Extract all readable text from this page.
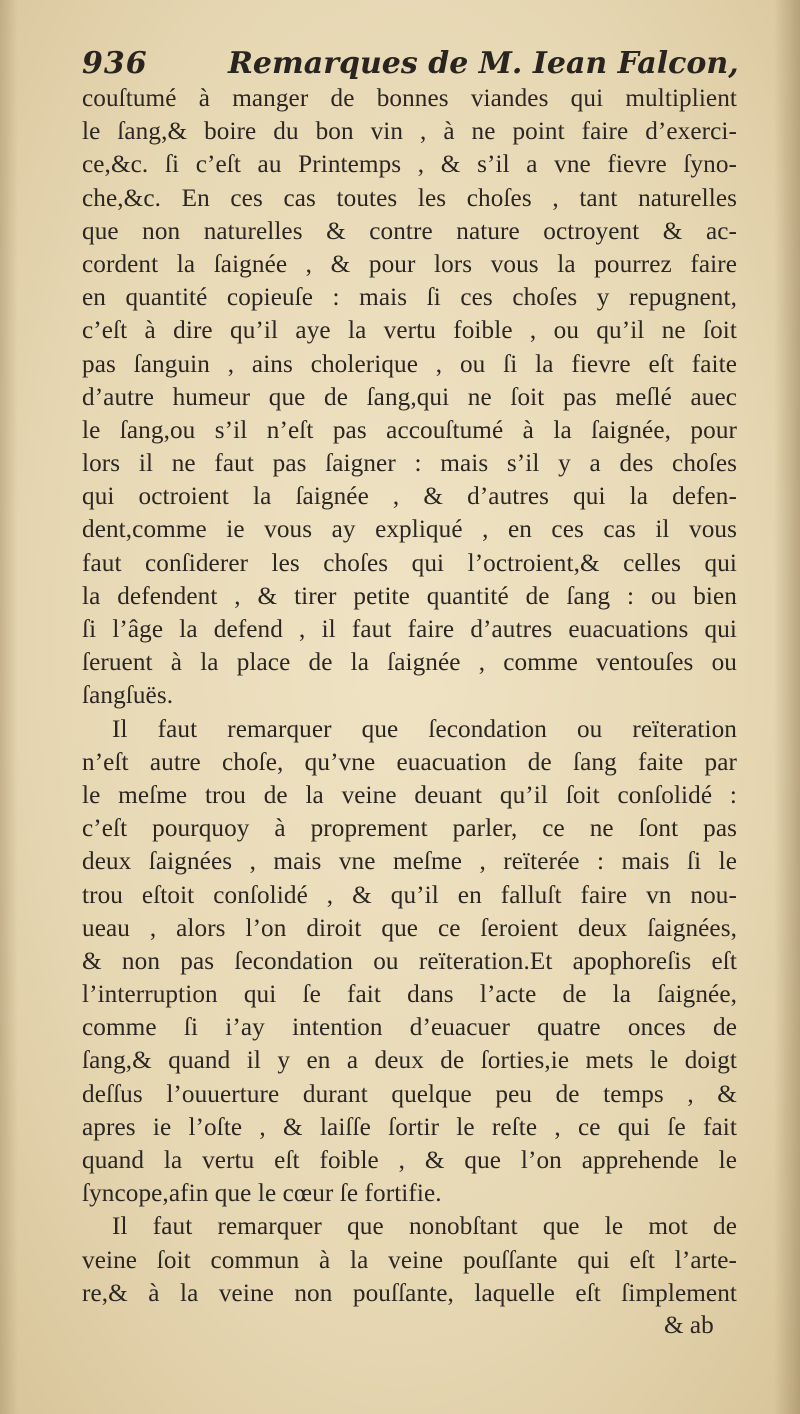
936	Remarques de M. Iean Falcon,
couſtumé à manger de bonnes viandes qui multiplient
le ſang,& boire du bon vin , à ne point faire d’exerci-
ce,&c. ſi c’eſt au Printemps , & s’il a vne fievre ſyno-
che,&c. En ces cas toutes les choſes , tant naturelles
que non naturelles & contre nature octroyent & ac-
cordent la ſaignée , & pour lors vous la pourrez faire
en quantité copieuſe : mais ſi ces choſes y repugnent,
c’eſt à dire qu’il aye la vertu foible , ou qu’il ne ſoit
pas ſanguin , ains cholerique , ou ſi la fievre eſt faite
d’autre humeur que de ſang,qui ne ſoit pas meſlé auec
le ſang,ou s’il n’eſt pas accouſtumé à la ſaignée, pour
lors il ne faut pas ſaigner : mais s’il y a des choſes
qui octroient la ſaignée , & d’autres qui la defen-
dent,comme ie vous ay expliqué , en ces cas il vous
faut conſiderer les choſes qui l’octroient,& celles qui
la defendent , & tirer petite quantité de ſang : ou bien
ſi l’âge la defend , il faut faire d’autres euacuations qui
ſeruent à la place de la ſaignée , comme ventouſes ou
ſangſuës.
Il faut remarquer que ſecondation ou reïteration
n’eſt autre choſe, qu’vne euacuation de ſang faite par
le meſme trou de la veine deuant qu’il ſoit conſolidé :
c’eſt pourquoy à proprement parler, ce ne ſont pas
deux ſaignées , mais vne meſme , reïterée : mais ſi le
trou eſtoit conſolidé , & qu’il en falluſt faire vn nou-
ueau , alors l’on diroit que ce ſeroient deux ſaignées,
& non pas ſecondation ou reïteration.Et apophoreſis eſt
l’interruption qui ſe fait dans l’acte de la ſaignée,
comme ſi i’ay intention d’euacuer quatre onces de
ſang,& quand il y en a deux de ſorties,ie mets le doigt
deſſus l’ouuerture durant quelque peu de temps , &
apres ie l’oſte , & laiſſe ſortir le reſte , ce qui ſe fait
quand la vertu eſt foible , & que l’on apprehende le
ſyncope,afin que le cœur ſe fortifie.
Il faut remarquer que nonobſtant que le mot de
veine ſoit commun à la veine pouſſante qui eſt l’arte-
re,& à la veine non pouſſante, laquelle eſt ſimplement
& ab
